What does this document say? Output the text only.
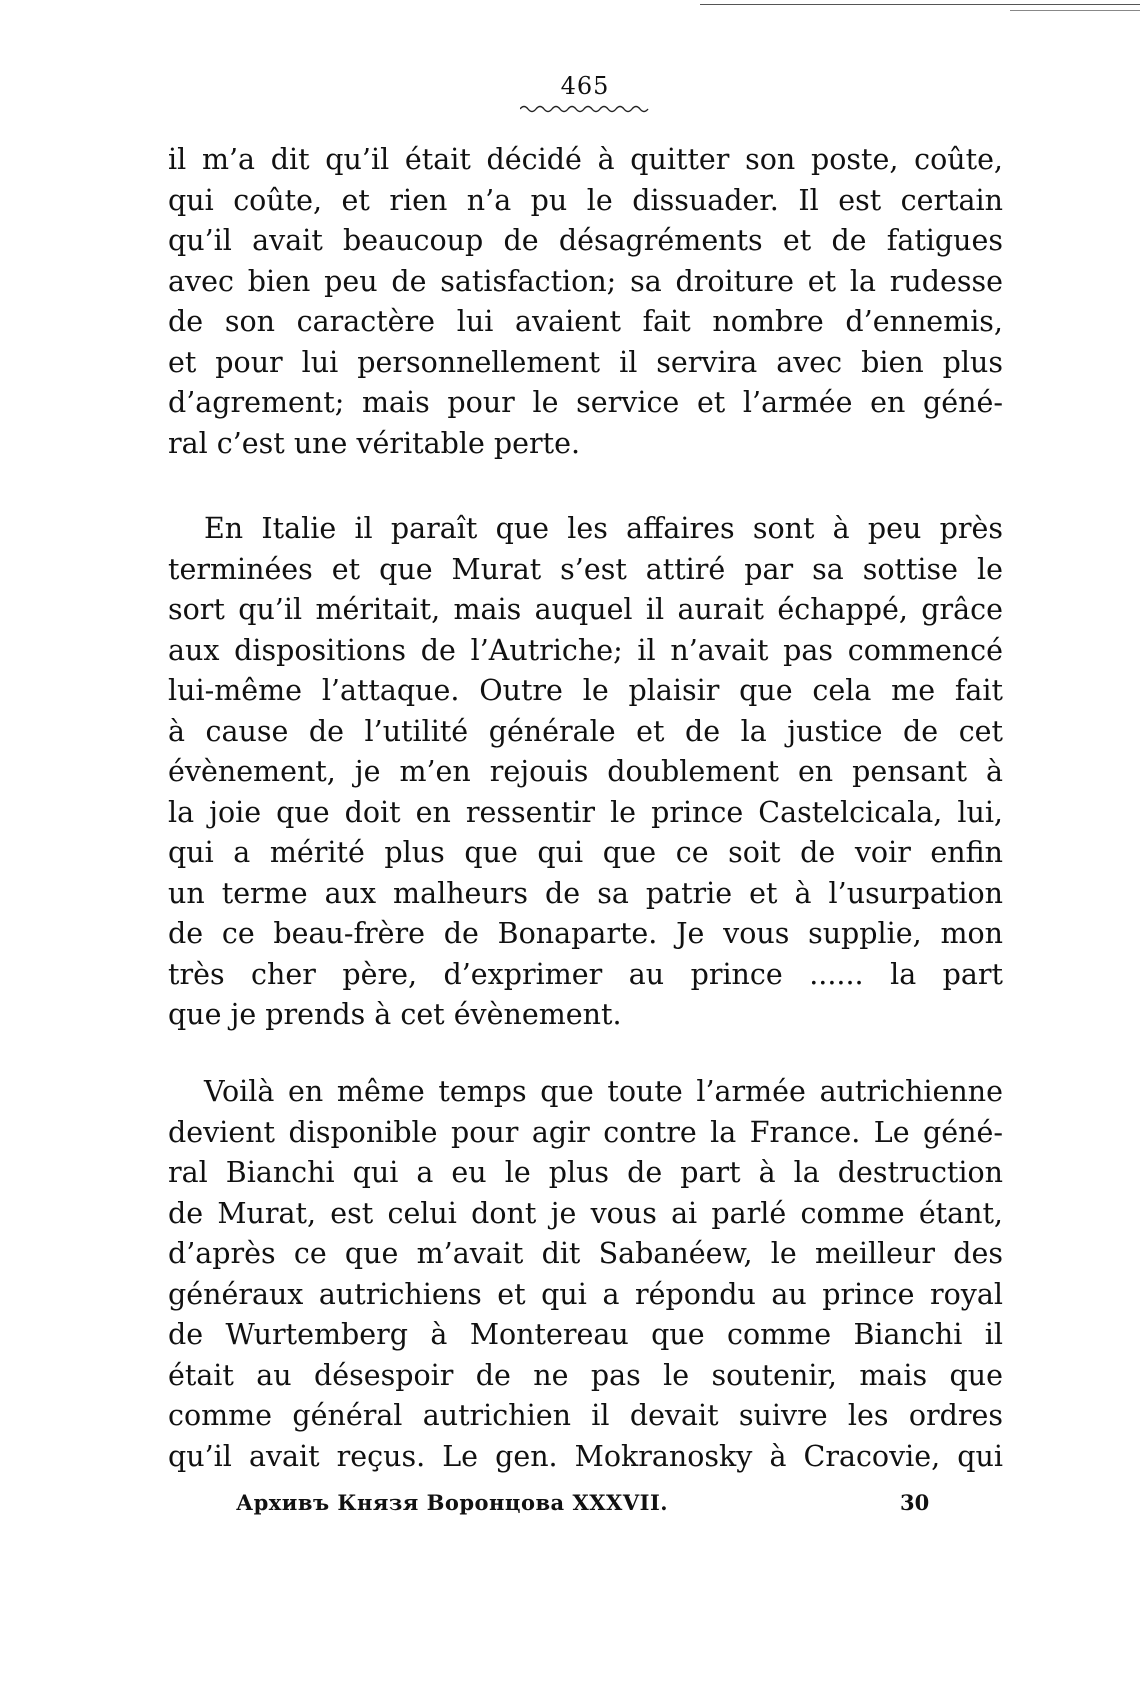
465
il m’a dit qu’il était décidé à quitter son poste, coûte,
qui coûte, et rien n’a pu le dissuader. Il est certain
qu’il avait beaucoup de désagréments et de fatigues
avec bien peu de satisfaction; sa droiture et la rudesse
de son caractère lui avaient fait nombre d’ennemis,
et pour lui personnellement il servira avec bien plus
d’agrement; mais pour le service et l’armée en géné-
ral c’est une véritable perte.
En Italie il paraît que les affaires sont à peu près
terminées et que Murat s’est attiré par sa sottise le
sort qu’il méritait, mais auquel il aurait échappé, grâce
aux dispositions de l’Autriche; il n’avait pas commencé
lui-même l’attaque. Outre le plaisir que cela me fait
à cause de l’utilité générale et de la justice de cet
évènement, je m’en rejouis doublement en pensant à
la joie que doit en ressentir le prince Castelcicala, lui,
qui a mérité plus que qui que ce soit de voir enfin
un terme aux malheurs de sa patrie et à l’usurpation
de ce beau-frère de Bonaparte. Je vous supplie, mon
très cher père, d’exprimer au prince ...... la part
que je prends à cet évènement.
Voilà en même temps que toute l’armée autrichienne
devient disponible pour agir contre la France. Le géné-
ral Bianchi qui a eu le plus de part à la destruction
de Murat, est celui dont je vous ai parlé comme étant,
d’après ce que m’avait dit Sabanéew, le meilleur des
généraux autrichiens et qui a répondu au prince royal
de Wurtemberg à Montereau que comme Bianchi il
était au désespoir de ne pas le soutenir, mais que
comme général autrichien il devait suivre les ordres
qu’il avait reçus. Le gen. Mokranosky à Cracovie, qui
Архивъ Князя Воронцова XXXVII.	30
